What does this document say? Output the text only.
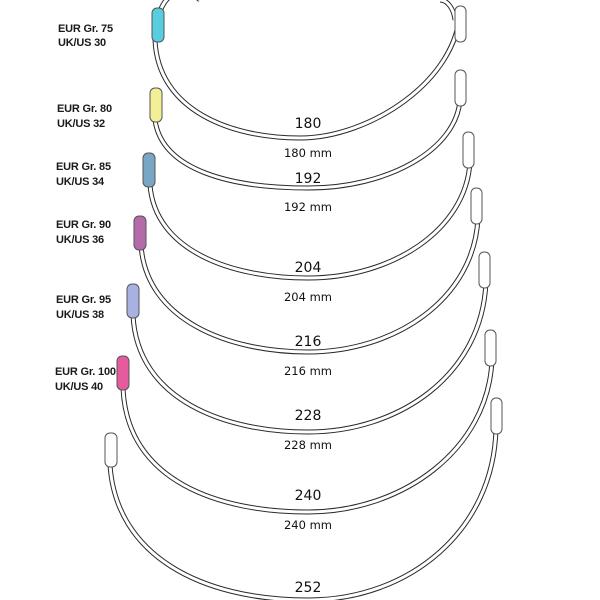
180
180 mm
EUR Gr. 75
UK/US 30
192
192 mm
EUR Gr. 80
UK/US 32
204
204 mm
EUR Gr. 85
UK/US 34
216
216 mm
EUR Gr. 90
UK/US 36
228
228 mm
EUR Gr. 95
UK/US 38
240
240 mm
EUR Gr. 100
UK/US 40
252
